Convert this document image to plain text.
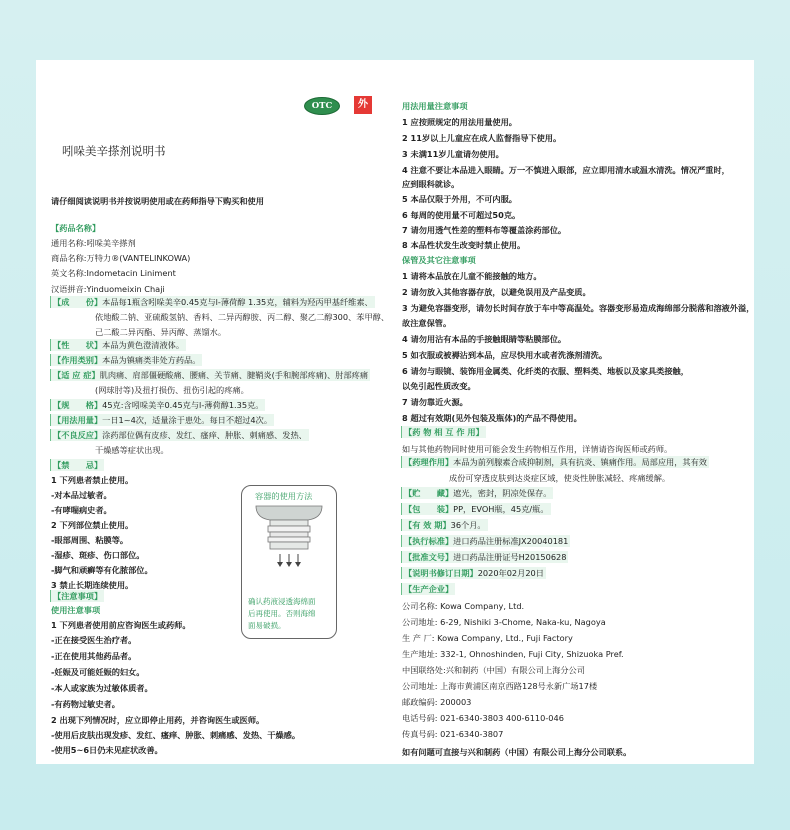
OTC	外
吲哚美辛搽剂说明书
请仔细阅读说明书并按说明使用或在药师指导下购买和使用
【药品名称】
通用名称:吲哚美辛搽剂
商品名称:万特力®(VANTELINKOWA)
英文名称:Indometacin Liniment
汉语拼音:Yinduomeixin Chaji
【成　　份】本品每1瓶含吲哚美辛0.45克与l-薄荷醇 1.35克，辅料为羟丙甲基纤维素、
依地酸二钠、亚硫酸氢钠、香料、二异丙醇胺、丙二醇、聚乙二醇300、苯甲醇、
己二酸二异丙酯、异丙醇、蒸馏水。
【性　　状】本品为黄色澄清液体。
【作用类别】本品为镇痛类非处方药品。
【适 应 症】肌肉痛、肩部僵硬酸痛、腰痛、关节痛、腱鞘炎(手和腕部疼痛)、肘部疼痛
(网球肘等)及扭打损伤、扭伤引起的疼痛。
【规　　格】45克:含吲哚美辛0.45克与l-薄荷醇1.35克。
【用法用量】一日1~4次，适量涂于患处。每日不超过4次。
【不良反应】涂药部位偶有皮疹、发红、瘙痒、肿胀、刺痛感、发热、
干燥感等症状出现。
【禁　　忌】
1 下列患者禁止使用。
-对本品过敏者。
-有哮喘病史者。
2 下列部位禁止使用。
-眼部周围、粘膜等。
-湿疹、斑疹、伤口部位。
-脚气和顽癣等有化脓部位。
3 禁止长期连续使用。
【注意事项】
使用注意事项
1 下列患者使用前应咨询医生或药师。
-正在接受医生治疗者。
-正在使用其他药品者。
-妊娠及可能妊娠的妇女。
-本人或家族为过敏体质者。
-有药物过敏史者。
2 出现下列情况时，应立即停止用药，并咨询医生或医师。
-使用后皮肤出现发疹、发红、瘙痒、肿胀、刺痛感、发热、干燥感。
-使用5~6日仍未见症状改善。
容器的使用方法
确认药液浸透海绵面
后再使用。否则海绵
面易破损。
用法用量注意事项
1 应按照规定的用法用量使用。
2 11岁以上儿童应在成人监督指导下使用。
3 未满11岁儿童请勿使用。
4 注意不要让本品进入眼睛。万一不慎进入眼部，应立即用清水或温水清洗。情况严重时，
应到眼科就诊。
5 本品仅限于外用，不可内服。
6 每周的使用量不可超过50克。
7 请勿用透气性差的塑料布等覆盖涂药部位。
8 本品性状发生改变时禁止使用。
保管及其它注意事项
1 请将本品放在儿童不能接触的地方。
2 请勿放入其他容器存放，以避免误用及产品变质。
3 为避免容器变形，请勿长时间存放于车中等高温处。容器变形易造成海绵部分脱落和溶液外溢，
故注意保管。
4 请勿用沾有本品的手接触眼睛等粘膜部位。
5 如衣服或被褥沾到本品，应尽快用水或者洗涤剂清洗。
6 请勿与眼镜、装饰用金属类、化纤类的衣服、塑料类、地板以及家具类接触，
以免引起性质改变。
7 请勿靠近火源。
8 超过有效期(见外包装及瓶体)的产品不得使用。
【药 物 相 互 作 用】
如与其他药物同时使用可能会发生药物相互作用，详情请咨询医师或药师。
【药理作用】本品为前列腺素合成抑制剂，具有抗炎、镇痛作用。局部应用，其有效
成份可穿透皮肤到达炎症区域，使炎性肿胀减轻、疼痛缓解。
【贮　　藏】遮光，密封，阴凉处保存。
【包　　装】PP，EVOH瓶，45克/瓶。
【有 效 期】36个月。
【执行标准】进口药品注册标准JX20040181
【批准文号】进口药品注册证号H20150628
【说明书修订日期】2020年02月20日
【生产企业】
公司名称: Kowa Company, Ltd.
公司地址: 6-29, Nishiki 3-Chome, Naka-ku, Nagoya
生 产 厂: Kowa Company, Ltd., Fuji Factory
生产地址: 332-1, Ohnoshinden, Fuji City, Shizuoka Pref.
中国联络处:兴和制药（中国）有限公司上海分公司
公司地址: 上海市黄浦区南京西路128号永新广场17楼
邮政编码: 200003
电话号码: 021-6340-3803 400-6110-046
传真号码: 021-6340-3807
如有问题可直接与兴和制药（中国）有限公司上海分公司联系。
